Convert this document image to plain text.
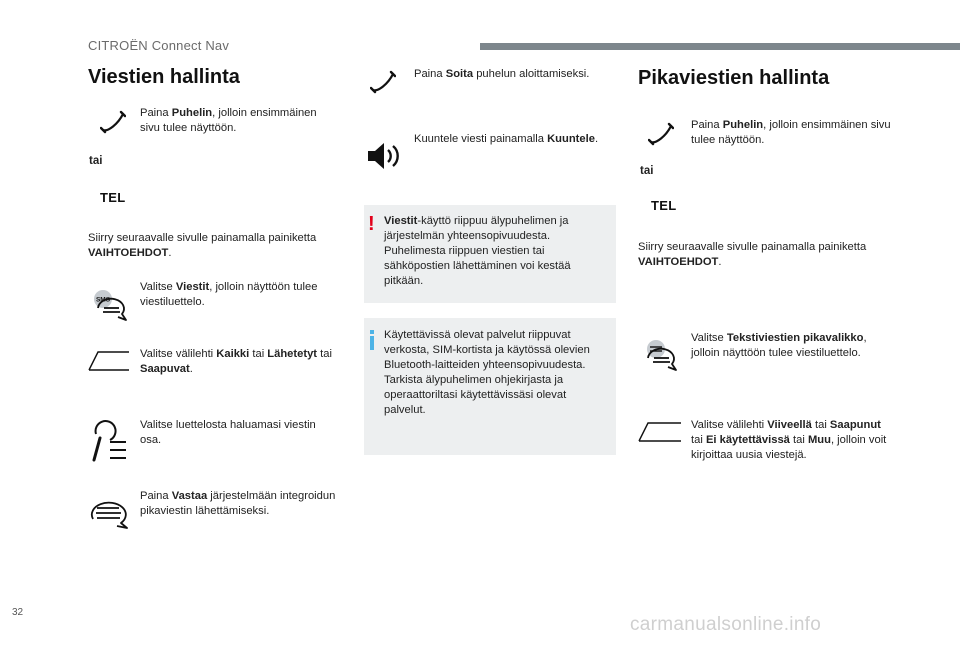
CITROËN Connect Nav
Viestien hallinta
Paina Puhelin, jolloin ensimmäinen sivu tulee näyttöön.
tai
TEL
Siirry seuraavalle sivulle painamalla painiketta VAIHTOEHDOT.
SMS
Valitse Viestit, jolloin näyttöön tulee viestiluettelo.
Valitse välilehti Kaikki tai Lähetetyt tai Saapuvat.
Valitse luettelosta haluamasi viestin osa.
Paina Vastaa järjestelmään integroidun pikaviestin lähettämiseksi.
Paina Soita puhelun aloittamiseksi.
Kuuntele viesti painamalla Kuuntele.
! Viestit-käyttö riippuu älypuhelimen ja järjestelmän yhteensopivuudesta. Puhelimesta riippuen viestien tai sähköpostien lähettäminen voi kestää pitkään.
Käytettävissä olevat palvelut riippuvat verkosta, SIM-kortista ja käytössä olevien Bluetooth-laitteiden yhteensopivuudesta. Tarkista älypuhelimen ohjekirjasta ja operaattoriltasi käytettävissäsi olevat palvelut.
Pikaviestien hallinta
Paina Puhelin, jolloin ensimmäinen sivu tulee näyttöön.
tai
TEL
Siirry seuraavalle sivulle painamalla painiketta VAIHTOEHDOT.
Valitse Tekstiviestien pikavalikko, jolloin näyttöön tulee viestiluettelo.
Valitse välilehti Viiveellä tai Saapunut tai Ei käytettävissä tai Muu, jolloin voit kirjoittaa uusia viestejä.
32
carmanualsonline.info
